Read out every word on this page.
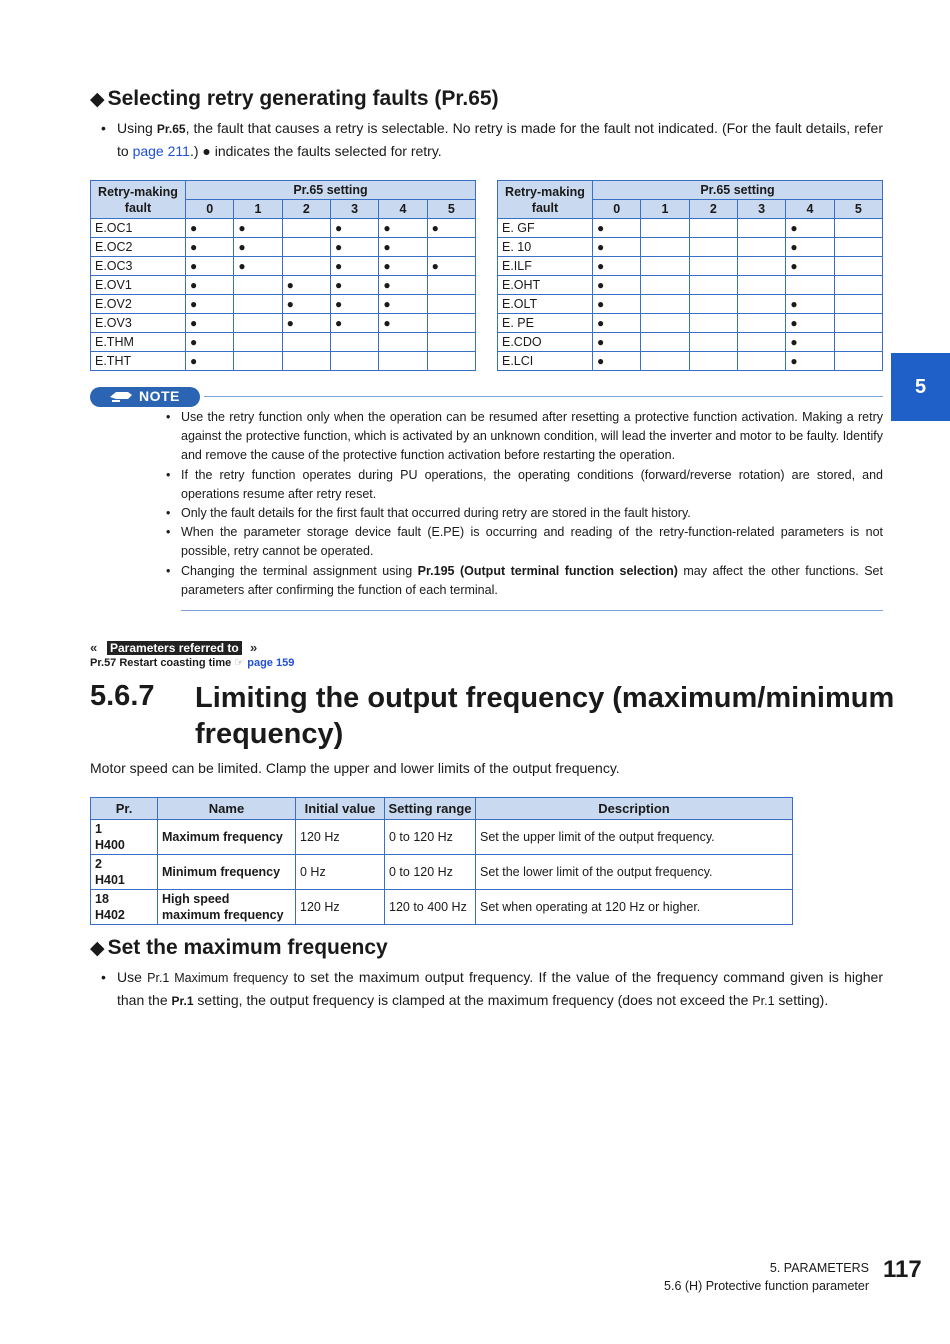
◆ Selecting retry generating faults (Pr.65)
• Using Pr.65, the fault that causes a retry is selectable. No retry is made for the fault not indicated. (For the fault details, refer to page 211.) ● indicates the faults selected for retry.
Retry-making fault	Pr.65 setting					
	0	1	2	3	4	5
E.OC1	●	●		●	●	●
E.OC2	●	●		●	●	
E.OC3	●	●		●	●	●
E.OV1	●		●	●	●	
E.OV2	●		●	●	●	
E.OV3	●		●	●	●	
E.THM	●					
E.THT	●					
Retry-making fault	Pr.65 setting					
	0	1	2	3	4	5
E. GF	●				●	
E. 10	●				●	
E.ILF	●				●	
E.OHT	●					
E.OLT	●				●	
E. PE	●				●	
E.CDO	●				●	
E.LCI	●				●	
5
NOTE
• Use the retry function only when the operation can be resumed after resetting a protective function activation. Making a retry against the protective function, which is activated by an unknown condition, will lead the inverter and motor to be faulty. Identify and remove the cause of the protective function activation before restarting the operation.
• If the retry function operates during PU operations, the operating conditions (forward/reverse rotation) are stored, and operations resume after retry reset.
• Only the fault details for the first fault that occurred during retry are stored in the fault history.
• When the parameter storage device fault (E.PE) is occurring and reading of the retry-function-related parameters is not possible, retry cannot be operated.
• Changing the terminal assignment using Pr.195 (Output terminal function selection) may affect the other functions. Set parameters after confirming the function of each terminal.
« Parameters referred to »
Pr.57 Restart coasting time ☞ page 159
5.6.7 Limiting the output frequency (maximum/minimum frequency)
Motor speed can be limited. Clamp the upper and lower limits of the output frequency.
Pr.	Name	Initial value	Setting range	Description

1
H400	Maximum frequency	120 Hz	0 to 120 Hz	Set the upper limit of the output frequency.

2
H401	Minimum frequency	0 Hz	0 to 120 Hz	Set the lower limit of the output frequency.

18
H402	High speed maximum frequency	120 Hz	120 to 400 Hz	Set when operating at 120 Hz or higher.
◆ Set the maximum frequency
• Use Pr.1 Maximum frequency to set the maximum output frequency. If the value of the frequency command given is higher than the Pr.1 setting, the output frequency is clamped at the maximum frequency (does not exceed the Pr.1 setting).
5. PARAMETERS
5.6 (H) Protective function parameter
117
